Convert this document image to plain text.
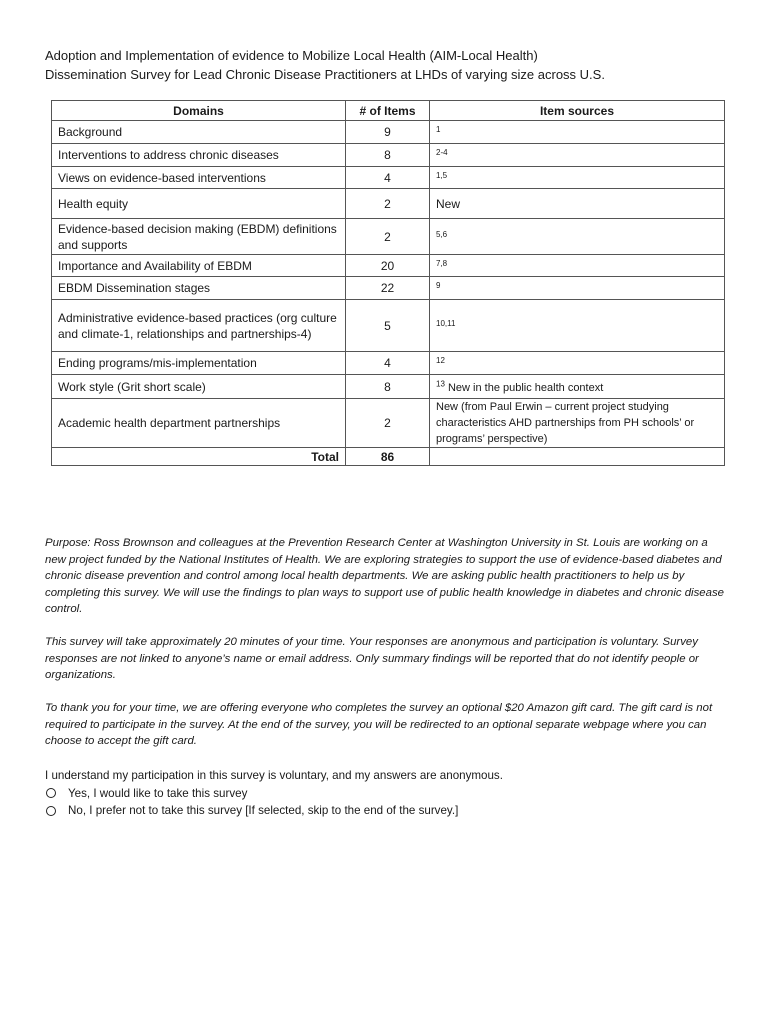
Adoption and Implementation of evidence to Mobilize Local Health (AIM-Local Health)
Dissemination Survey for Lead Chronic Disease Practitioners at LHDs of varying size across U.S.
Domains	# of Items	Item sources
Background	9	$^1$
Interventions to address chronic diseases	8	$^{2-4}$
Views on evidence-based interventions	4	$^{1,5}$
Health equity	2	New
Evidence-based decision making (EBDM) definitions and supports	2	$^{5,6}$
Importance and Availability of EBDM	20	$^{7,8}$
EBDM Dissemination stages	22	$^9$
Administrative evidence-based practices (org culture and climate-1, relationships and partnerships-4)	5	$^{10,11}$
Ending programs/mis-implementation	4	$^{12}$
Work style (Grit short scale)	8	$^{13}$ New in the public health context
Academic health department partnerships	2	New (from Paul Erwin – current project studying characteristics AHD partnerships from PH schools’ or programs’ perspective)
Total	86	
Purpose: Ross Brownson and colleagues at the Prevention Research Center at Washington University in St. Louis are working on a new project funded by the National Institutes of Health. We are exploring strategies to support the use of evidence-based diabetes and chronic disease prevention and control among local health departments. We are asking public health practitioners to help us by completing this survey. We will use the findings to plan ways to support use of public health knowledge in diabetes and chronic disease control.
This survey will take approximately 20 minutes of your time. Your responses are anonymous and participation is voluntary. Survey responses are not linked to anyone’s name or email address. Only summary findings will be reported that do not identify people or organizations.
To thank you for your time, we are offering everyone who completes the survey an optional $20 Amazon gift card. The gift card is not required to participate in the survey. At the end of the survey, you will be redirected to an optional separate webpage where you can choose to accept the gift card.
I understand my participation in this survey is voluntary, and my answers are anonymous.
Yes, I would like to take this survey
No, I prefer not to take this survey [If selected, skip to the end of the survey.]
